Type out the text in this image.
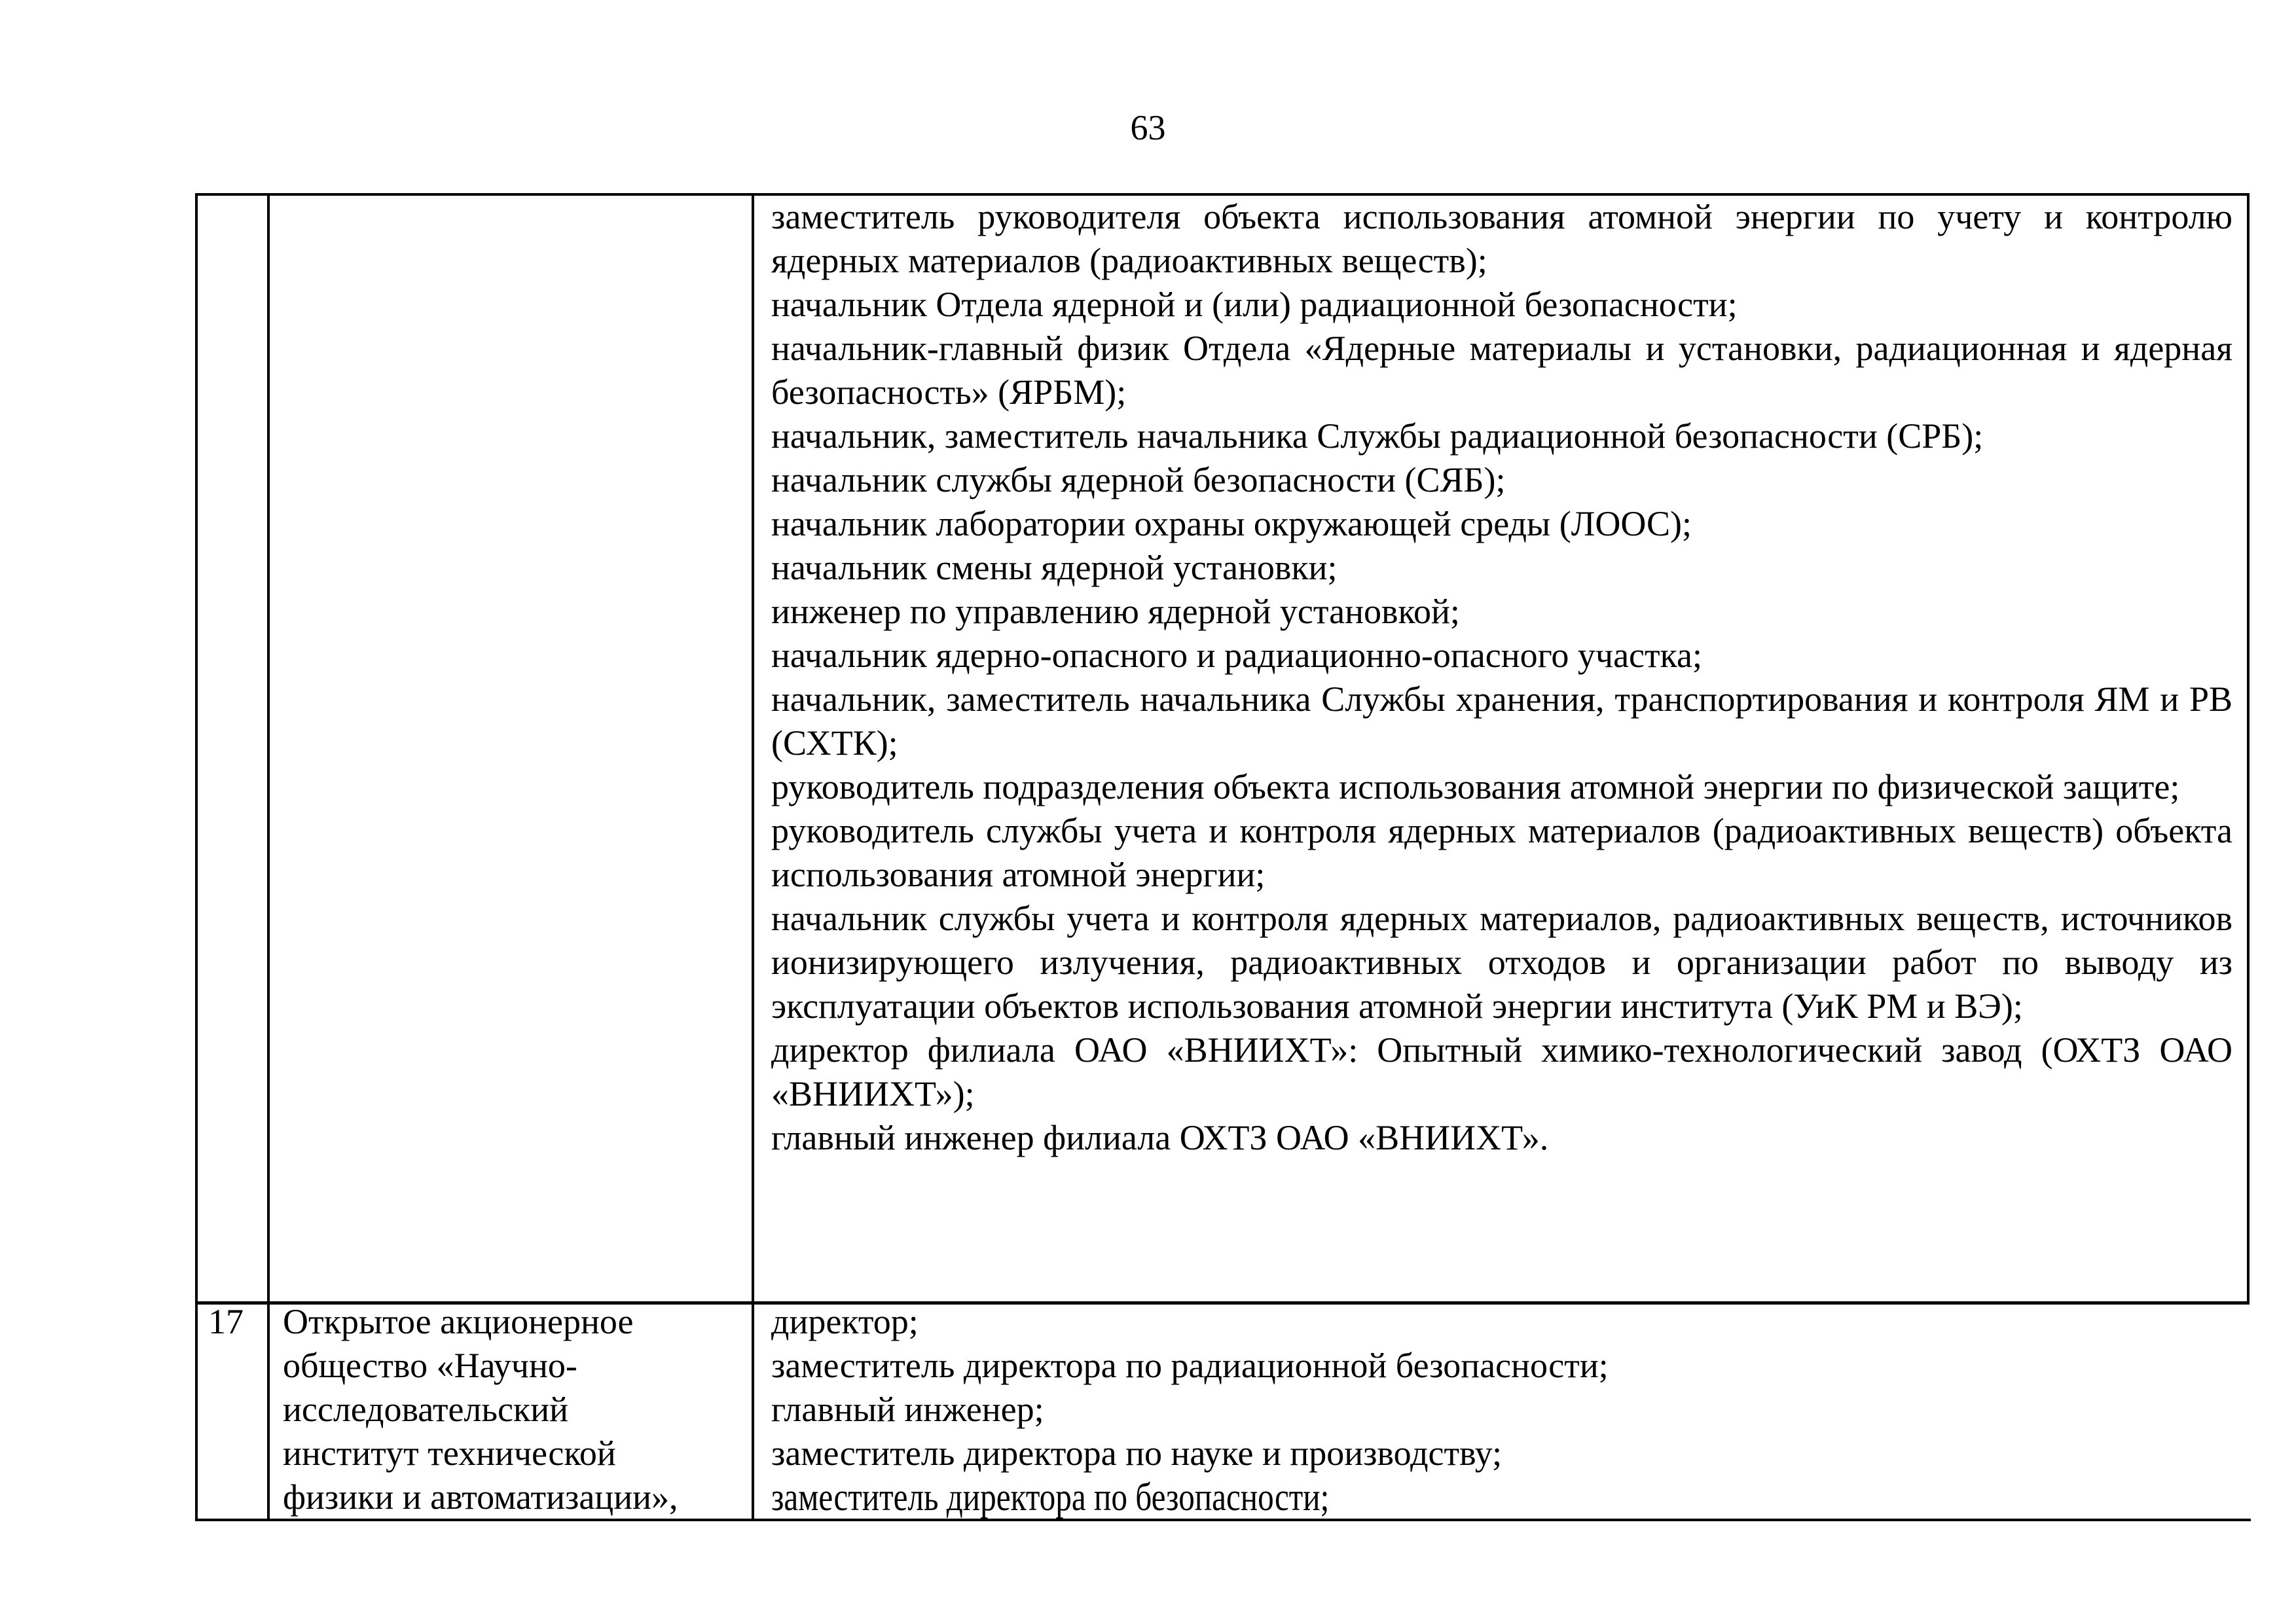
63

заместитель руководителя объекта использования атомной энергии по учету и контролю ядерных материалов (радиоактивных веществ);

начальник Отдела ядерной и (или) радиационной безопасности;

начальник-главный физик Отдела «Ядерные материалы и установки, радиационная и ядерная безопасность» (ЯРБМ);

начальник, заместитель начальника Службы радиационной безопасности (СРБ);

начальник службы ядерной безопасности (СЯБ);

начальник лаборатории охраны окружающей среды (ЛООС);

начальник смены ядерной установки;

инженер по управлению ядерной установкой;

начальник ядерно-опасного и радиационно-опасного участка;

начальник, заместитель начальника Службы хранения, транспортирования и контроля ЯМ и РВ (СХТК);

руководитель подразделения объекта использования атомной энергии по физической защите;

руководитель службы учета и контроля ядерных материалов (радиоактивных веществ) объекта использования атомной энергии;

начальник службы учета и контроля ядерных материалов, радиоактивных веществ, источников ионизирующего излучения, радиоактивных отходов и организации работ по выводу из эксплуатации объектов использования атомной энергии института (УиК РМ и ВЭ);

директор филиала ОАО «ВНИИХТ»: Опытный химико-технологический завод (ОХТЗ ОАО «ВНИИХТ»);

главный инженер филиала ОХТЗ ОАО «ВНИИХТ».

17	Открытое акционерное
общество «Научно-
исследовательский
институт технической
физики и автоматизации»,

директор;

заместитель директора по радиационной безопасности;

главный инженер;

заместитель директора по науке и производству;

заместитель директора по безопасности;
